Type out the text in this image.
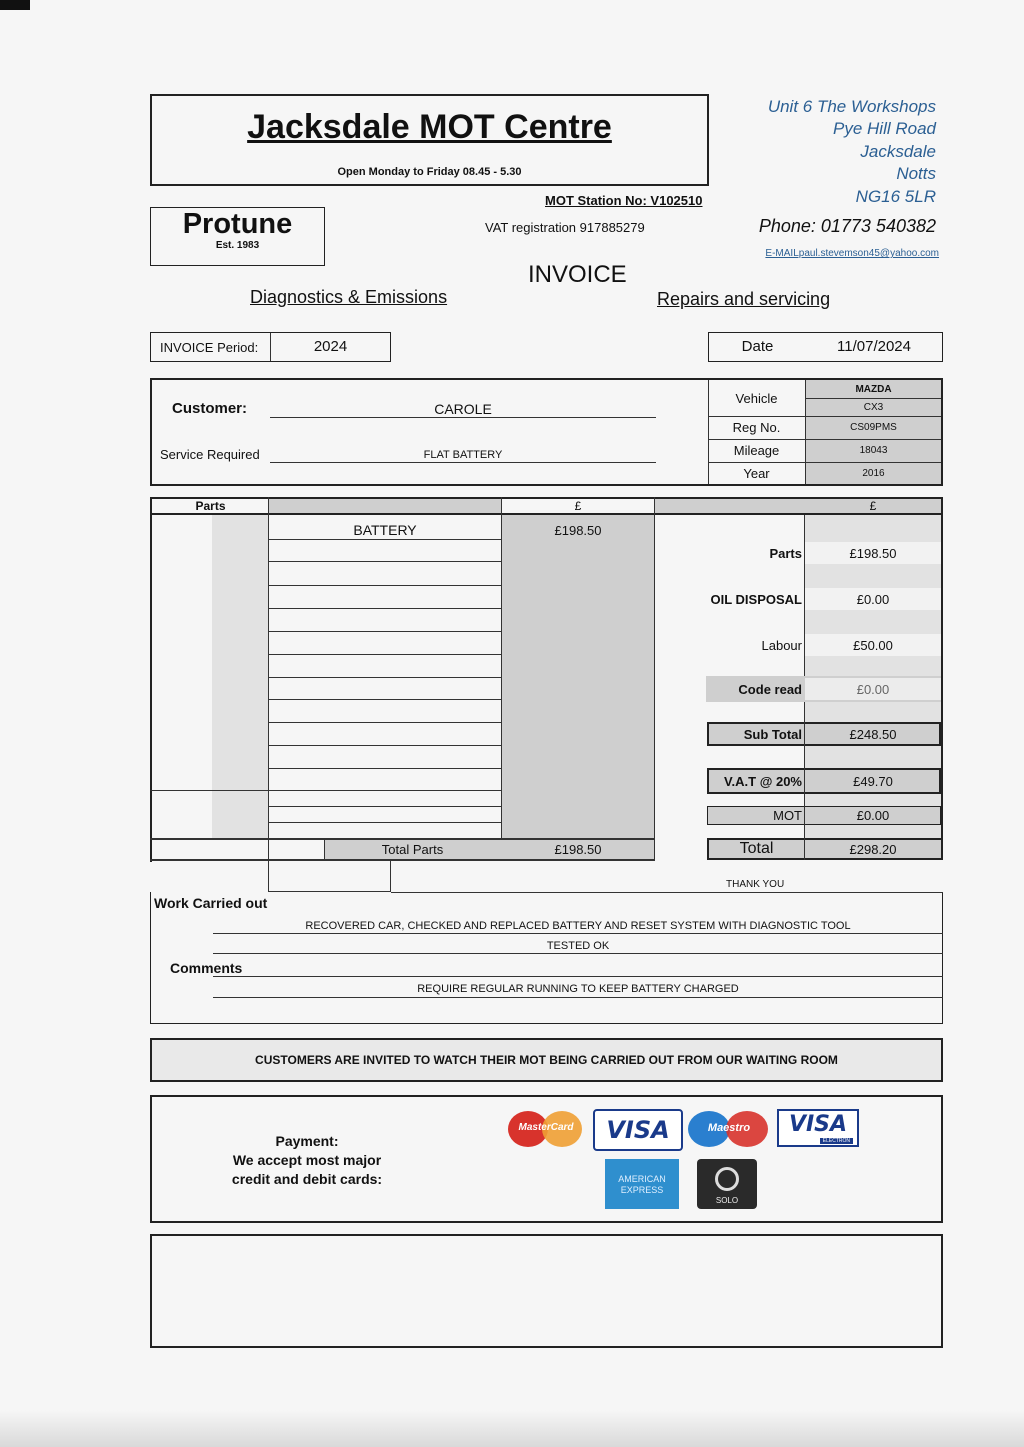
Jacksdale MOT Centre
Open Monday to Friday 08.45 - 5.30
MOT Station No: V102510
VAT registration 917885279
Protune
Est. 1983
Unit 6 The Workshops
Pye Hill Road
Jacksdale
Notts
NG16 5LR
Phone: 01773 540382
E-MAILpaul.stevemson45@yahoo.com
INVOICE
Diagnostics & Emissions	Repairs and servicing
INVOICE Period:	2024	Date	11/07/2024
Customer:	CAROLE
Service Required	FLAT BATTERY
Vehicle
MAZDA
CX3
Reg No.	CS09PMS
Mileage	18043
Year	2016
Parts	£	£
BATTERY	£198.50
Total Parts	£198.50
Parts	£198.50
OIL DISPOSAL	£0.00
Labour	£50.00
Code read	£0.00
Sub Total	£248.50
V.A.T @ 20%	£49.70
MOT	£0.00
Total	£298.20
THANK YOU
Work Carried out
RECOVERED CAR, CHECKED AND REPLACED BATTERY AND RESET SYSTEM WITH DIAGNOSTIC TOOL
TESTED OK
Comments
REQUIRE REGULAR RUNNING TO KEEP BATTERY CHARGED
CUSTOMERS ARE INVITED TO WATCH THEIR MOT BEING CARRIED OUT FROM OUR WAITING ROOM
Payment:
We accept most major
credit and debit cards:
MasterCard	VISA	Maestro	VISA
ELECTRON
AMERICAN
EXPRESS
SOLO
